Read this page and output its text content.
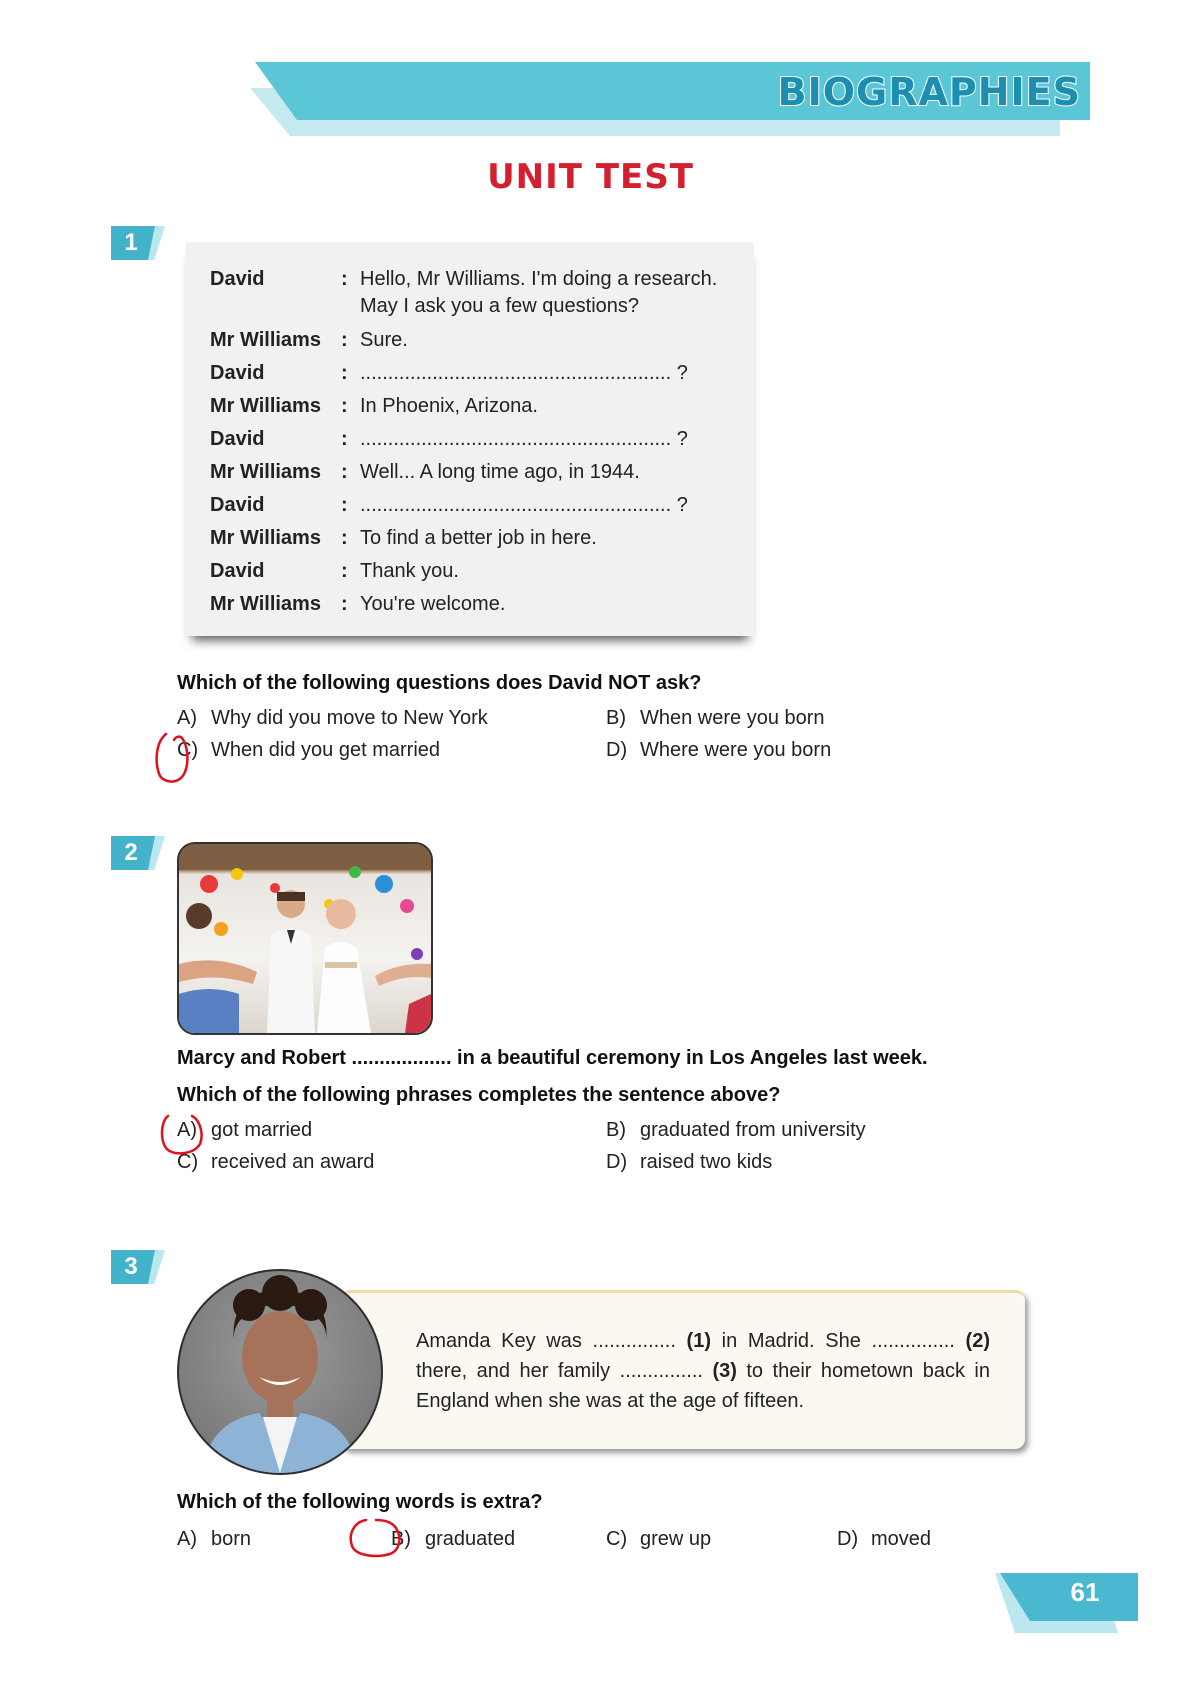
BIOGRAPHIES
UNIT TEST
1
David	: Hello, Mr Williams. I'm doing a research.
May I ask you a few questions?
Mr Williams	: Sure.
David	: ........................................................ ?
Mr Williams	: In Phoenix, Arizona.
David	: ........................................................ ?
Mr Williams	: Well... A long time ago, in 1944.
David	: ........................................................ ?
Mr Williams	: To find a better job in here.
David	: Thank you.
Mr Williams	: You're welcome.
Which of the following questions does David NOT ask?
A) Why did you move to New York	B) When were you born
C) When did you get married	D) Where were you born
2
Marcy and Robert .................. in a beautiful ceremony in Los Angeles last week.
Which of the following phrases completes the sentence above?
A) got married	B) graduated from university
C) received an award	D) raised two kids
3
Amanda Key was ............... (1) in Madrid. She ............... (2) there, and her family ............... (3) to their hometown back in England when she was at the age of fifteen.
Which of the following words is extra?
A) born	B) graduated	C) grew up	D) moved
61
